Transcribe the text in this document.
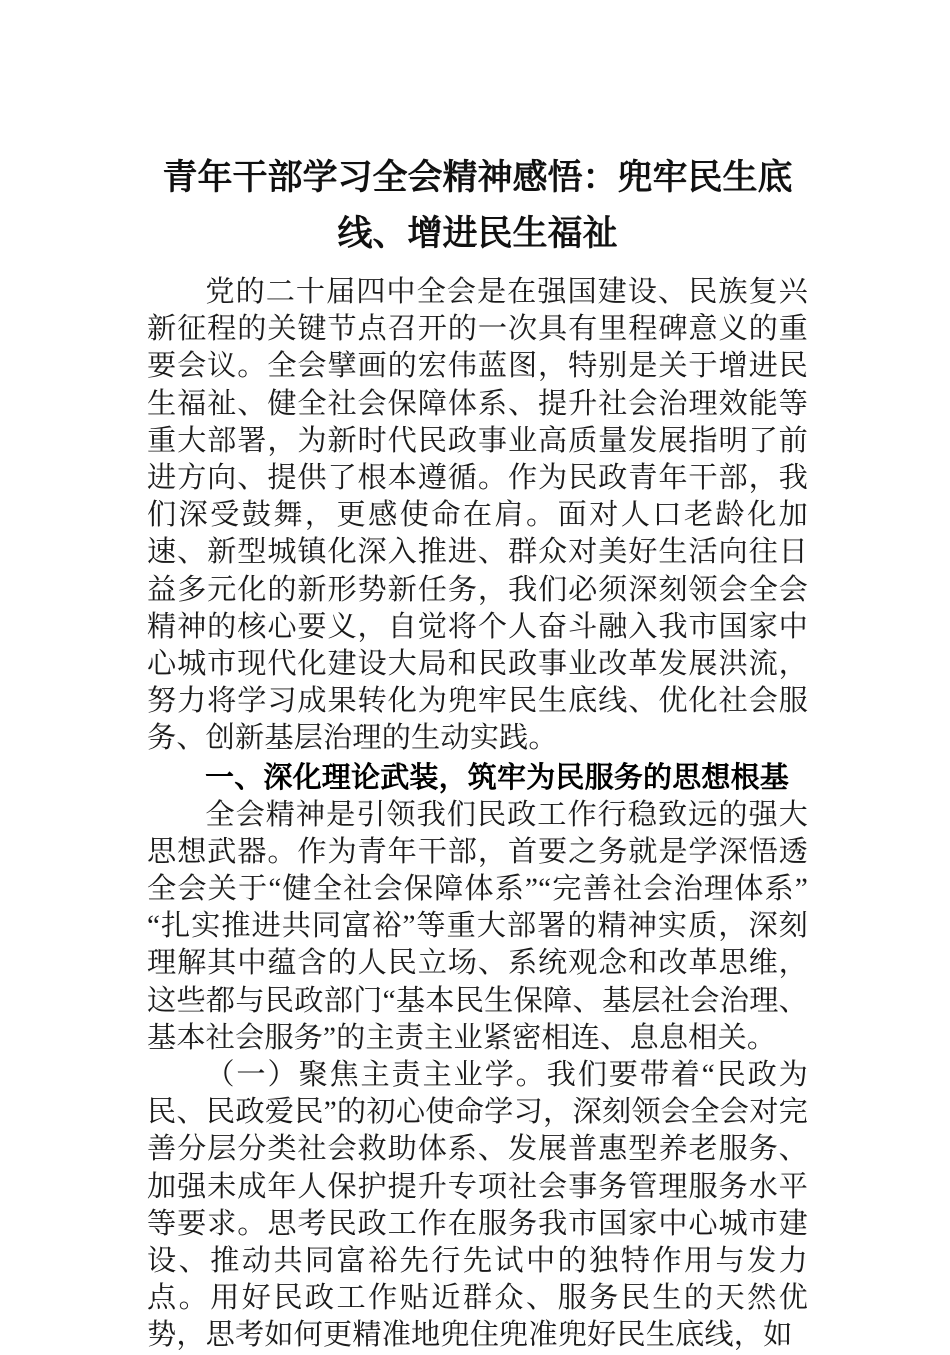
青年干部学习全会精神感悟：兜牢民生底
线、增进民生福祉

党的二十届四中全会是在强国建设、民族复兴新征程的关键节点召开的一次具有里程碑意义的重要会议。全会擘画的宏伟蓝图，特别是关于增进民生福祉、健全社会保障体系、提升社会治理效能等重大部署，为新时代民政事业高质量发展指明了前进方向、提供了根本遵循。作为民政青年干部，我们深受鼓舞，更感使命在肩。面对人口老龄化加速、新型城镇化深入推进、群众对美好生活向往日益多元化的新形势新任务，我们必须深刻领会全会精神的核心要义，自觉将个人奋斗融入我市国家中心城市现代化建设大局和民政事业改革发展洪流，努力将学习成果转化为兜牢民生底线、优化社会服务、创新基层治理的生动实践。

一、深化理论武装，筑牢为民服务的思想根基

全会精神是引领我们民政工作行稳致远的强大思想武器。作为青年干部，首要之务就是学深悟透全会关于“健全社会保障体系”“完善社会治理体系”“扎实推进共同富裕”等重大部署的精神实质，深刻理解其中蕴含的人民立场、系统观念和改革思维，这些都与民政部门“基本民生保障、基层社会治理、基本社会服务”的主责主业紧密相连、息息相关。

（一）聚焦主责主业学。我们要带着“民政为民、民政爱民”的初心使命学习，深刻领会全会对完善分层分类社会救助体系、发展普惠型养老服务、加强未成年人保护提升专项社会事务管理服务水平等要求。思考民政工作在服务我市国家中心城市建设、推动共同富裕先行先试中的独特作用与发力点。用好民政工作贴近群众、服务民生的天然优势，思考如何更精准地兜住兜准兜好民生底线，如
